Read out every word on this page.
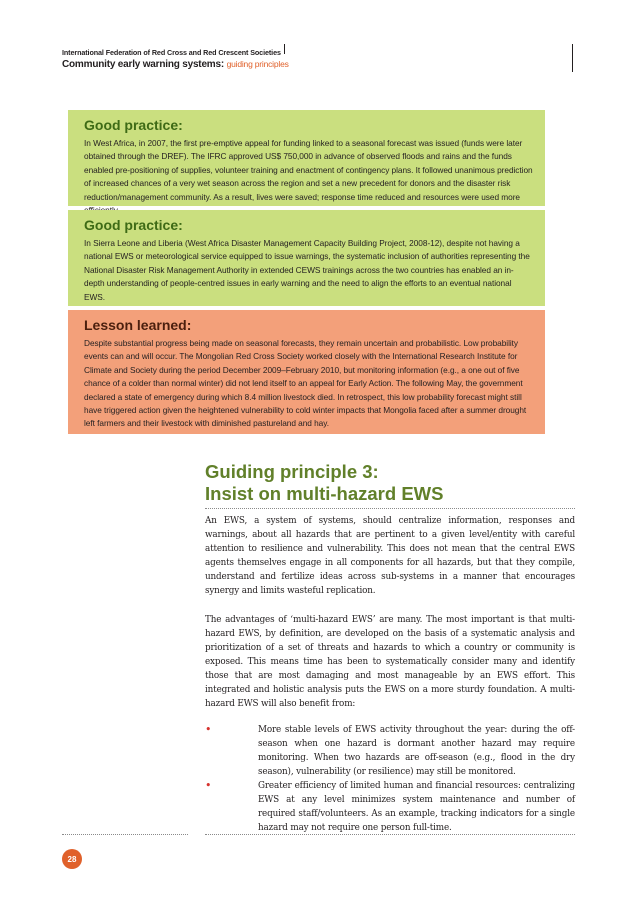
International Federation of Red Cross and Red Crescent Societies
Community early warning systems: guiding principles

Good practice:

In West Africa, in 2007, the first pre-emptive appeal for funding linked to a seasonal forecast was issued (funds were later obtained through the DREF). The IFRC approved US$ 750,000 in advance of observed floods and rains and the funds enabled pre-positioning of supplies, volunteer training and enactment of contingency plans. It followed unanimous prediction of increased chances of a very wet season across the region and set a new precedent for donors and the disaster risk reduction/management community. As a result, lives were saved; response time reduced and resources were used more

Good practice:

In Sierra Leone and Liberia (West Africa Disaster Management Capacity Building Project, 2008-12), despite not having a national EWS or meteorological service equipped to issue warnings, the systematic inclusion of authorities representing the National Disaster Risk Management Authority in extended CEWS trainings across the two countries has enabled an in-depth understanding of people-centred issues in early warning and the need to align the efforts to an eventual national EWS.

Lesson learned:

Despite substantial progress being made on seasonal forecasts, they remain uncertain and probabilistic. Low probability events can and will occur. The Mongolian Red Cross Society worked closely with the International Research Institute for Climate and Society during the period December 2009–February 2010, but monitoring information (e.g., a one out of five chance of a colder than normal winter) did not lend itself to an appeal for Early Action. The following May, the government declared a state of emergency during which 8.4 million livestock died. In retrospect, this low probability forecast might still have triggered action given the heightened vulnerability to cold winter impacts that Mongolia faced after a summer drought left farmers and their livestock with diminished pastureland and hay.

Guiding principle 3:
Insist on multi-hazard EWS

An EWS, a system of systems, should centralize information, responses and warnings, about all hazards that are pertinent to a given level/entity with careful attention to resilience and vulnerability. This does not mean that the central EWS agents themselves engage in all components for all hazards, but that they compile, understand and fertilize ideas across sub-systems in a manner that encourages synergy and limits wasteful replication.

The advantages of ‘multi-hazard EWS’ are many. The most important is that multi-hazard EWS, by definition, are developed on the basis of a systematic analysis and prioritization of a set of threats and hazards to which a country or community is exposed. This means time has been to systematically consider many and identify those that are most damaging and most manageable by an EWS effort. This integrated and holistic analysis puts the EWS on a more sturdy foundation. A multi-hazard EWS will also benefit from:

•	More stable levels of EWS activity throughout the year: during the off-season when one hazard is dormant another hazard may require monitoring. When two hazards are off-season (e.g., flood in the dry season), vulnerability (or resilience) may still be monitored.
•	Greater efficiency of limited human and financial resources: centralizing EWS at any level minimizes system maintenance and number of required staff/volunteers. As an example, tracking indicators for a single hazard may not require one person full-time.
28
